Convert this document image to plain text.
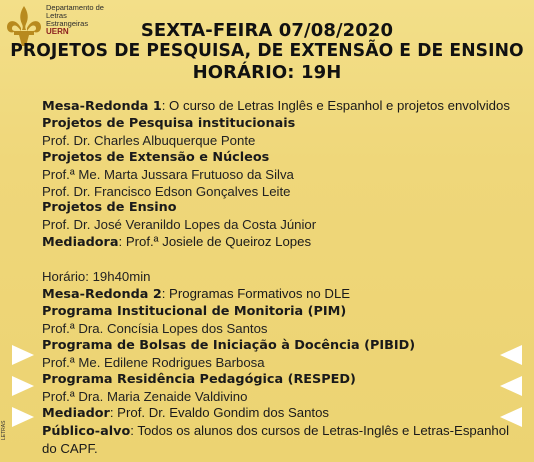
Departamento de
Letras
Estrangeiras
UERN	SEXTA-FEIRA 07/08/2020
PROJETOS DE PESQUISA, DE EXTENSÃO E DE ENSINO
HORÁRIO: 19H
Mesa-Redonda 1: O curso de Letras Inglês e Espanhol e projetos envolvidos
Projetos de Pesquisa institucionais
Prof. Dr. Charles Albuquerque Ponte
Projetos de Extensão e Núcleos
Prof.ª Me. Marta Jussara Frutuoso da Silva
Prof. Dr. Francisco Edson Gonçalves Leite
Projetos de Ensino
Prof. Dr. José Veranildo Lopes da Costa Júnior
Mediadora: Prof.ª Josiele de Queiroz Lopes
Horário: 19h40min
Mesa-Redonda 2: Programas Formativos no DLE
Programa Institucional de Monitoria (PIM)
Prof.ª Dra. Concísia Lopes dos Santos
Programa de Bolsas de Iniciação à Docência (PIBID)
Prof.ª Me. Edilene Rodrigues Barbosa
Programa Residência Pedagógica (RESPED)
Prof.ª Dra. Maria Zenaide Valdivino
Mediador: Prof. Dr. Evaldo Gondim dos Santos
Público-alvo: Todos os alunos dos cursos de Letras-Inglês e Letras-Espanhol do CAPF.
LETRAS
